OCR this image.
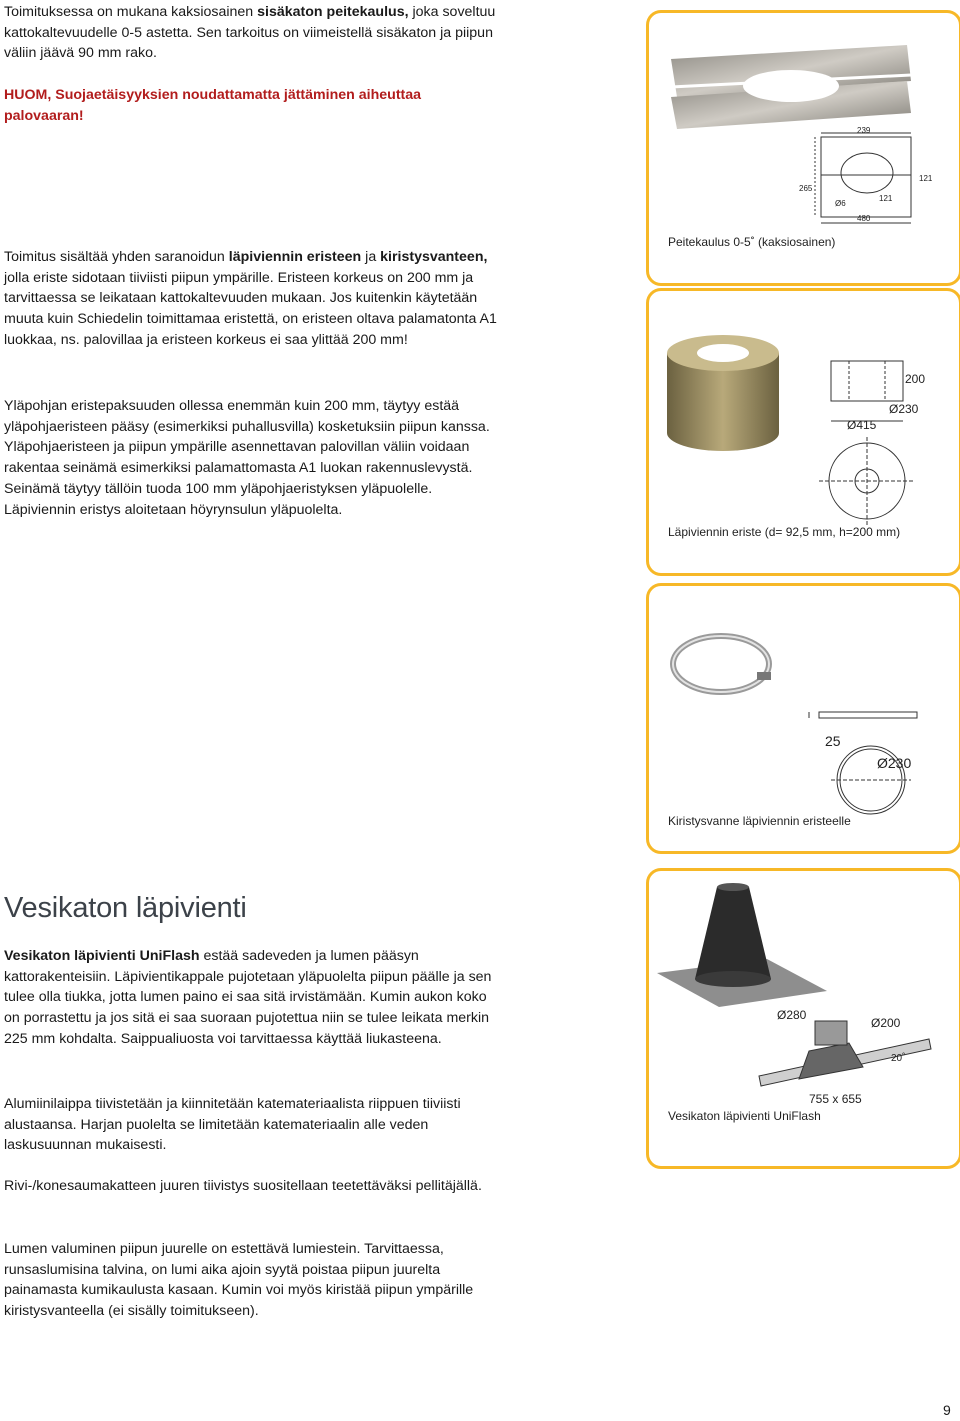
Toimituksessa on mukana kaksiosainen sisäkaton peitekaulus, joka soveltuu kattokaltevuudelle 0-5 astetta. Sen tarkoitus on viimeistellä sisäkaton ja piipun väliin jäävä 90 mm rako.

HUOM, Suojaetäisyyksien noudattamatta jättäminen aiheuttaa palovaaran!

Toimitus sisältää yhden saranoidun läpiviennin eristeen ja kiristysvanteen, jolla eriste sidotaan tiiviisti piipun ympärille. Eristeen korkeus on 200 mm ja tarvittaessa se leikataan kattokaltevuuden mukaan. Jos kuitenkin käytetään muuta kuin Schiedelin toimittamaa eristettä, on eristeen oltava palamatonta A1 luokkaa, ns. palovillaa ja eristeen korkeus ei saa ylittää 200 mm!

Yläpohjan eristepaksuuden ollessa enemmän kuin 200 mm, täytyy estää yläpohjaeristeen pääsy (esimerkiksi puhallusvilla) kosketuksiin piipun kanssa. Yläpohjaeristeen ja piipun ympärille asennettavan palovillan väliin voidaan rakentaa seinämä esimerkiksi palamattomasta A1 luokan rakennuslevystä. Seinämä täytyy tällöin tuoda 100 mm yläpohjaeristyksen yläpuolelle. Läpiviennin eristys aloitetaan höyrynsulun yläpuolelta.

Vesikaton läpivienti

Vesikaton läpivienti UniFlash estää sadeveden ja lumen pääsyn kattorakenteisiin. Läpivientikappale pujotetaan yläpuolelta piipun päälle ja sen tulee olla tiukka, jotta lumen paino ei saa sitä irvistämään. Kumin aukon koko on porrastettu ja jos sitä ei saa suoraan pujotettua niin se tulee leikata merkin 225 mm kohdalta. Saippualiuosta voi tarvittaessa käyttää liukasteena.

Alumiinilaippa tiivistetään ja kiinnitetään katemateriaalista riippuen tiiviisti alustaansa. Harjan puolelta se limitetään katemateriaalin alle veden laskusuunnan mukaisesti.

Rivi-/konesaumakatteen juuren tiivistys suositellaan teetettäväksi pellitäjällä.

Lumen valuminen piipun juurelle on estettävä lumiestein. Tarvittaessa, runsaslumisina talvina, on lumi aika ajoin syytä poistaa piipun juurelta painamasta kumikaulusta kasaan. Kumin voi myös kiristää piipun ympärille kiristysvanteella (ei sisälly toimitukseen).

9
239
121
265
Ø6
121
480
Peitekaulus 0-5˚ (kaksiosainen)
200
Ø230
Ø415
Läpiviennin eriste (d= 92,5 mm, h=200 mm)
25
Ø230
Kiristysvanne läpiviennin eristeelle
Ø280
Ø200
20˚
755 x 655
Vesikaton läpivienti UniFlash
